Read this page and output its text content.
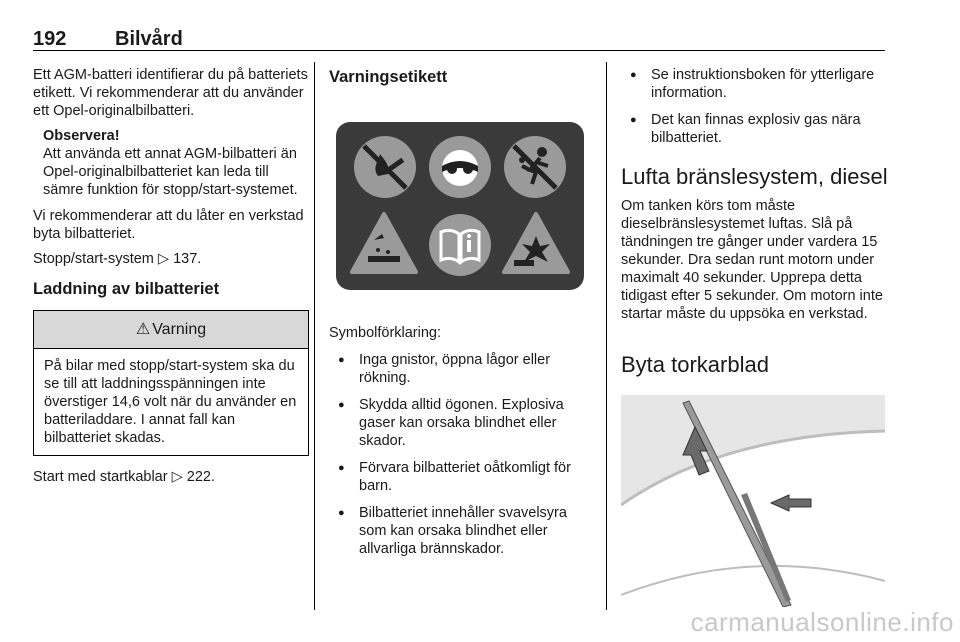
192 Bilvård

Ett AGM-batteri identifierar du på batteriets etikett. Vi rekommenderar att du använder ett Opel-originalbilbatteri.

Observera!
Att använda ett annat AGM-bilbatteri än Opel-originalbilbatteriet kan leda till sämre funktion för stopp/start-systemet.

Vi rekommenderar att du låter en verkstad byta bilbatteriet.

Stopp/start-system ▷ 137.

Laddning av bilbatteriet
⚠ Varning
På bilar med stopp/start-system ska du se till att laddningsspänningen inte överstiger 14,6 volt när du använder en batteriladdare. I annat fall kan bilbatteriet skadas.

Start med startkablar ▷ 222.

Varningsetikett

Symbolförklaring:

● Inga gnistor, öppna lågor eller rökning.
● Skydda alltid ögonen. Explosiva gaser kan orsaka blindhet eller skador.
● Förvara bilbatteriet oåtkomligt för barn.
● Bilbatteriet innehåller svavelsyra som kan orsaka blindhet eller allvarliga brännskador.
● Se instruktionsboken för ytterligare information.
● Det kan finnas explosiv gas nära bilbatteriet.
Lufta bränslesystem, diesel

Om tanken körs tom måste dieselbränslesystemet luftas. Slå på tändningen tre gånger under vardera 15 sekunder. Dra sedan runt motorn under maximalt 40 sekunder. Upprepa detta tidigast efter 5 sekunder. Om motorn inte startar måste du uppsöka en verkstad.

Byta torkarblad
carmanualsonline.info
